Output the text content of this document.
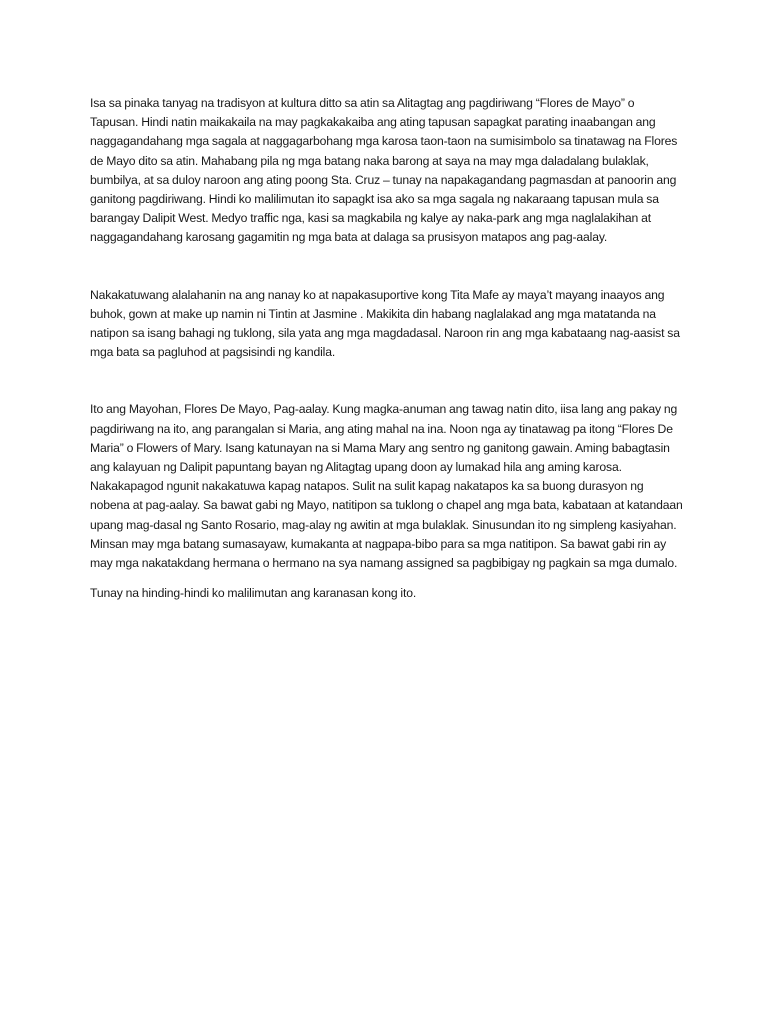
Isa sa pinaka tanyag na tradisyon at kultura ditto sa atin sa Alitagtag ang pagdiriwang “Flores de Mayo” o Tapusan. Hindi natin maikakaila na may pagkakakaiba ang ating tapusan sapagkat parating inaabangan ang naggagandahang mga sagala at naggagarbohang mga karosa taon-taon na sumisimbolo sa tinatawag na Flores de Mayo dito sa atin. Mahabang pila ng mga batang naka barong at saya na may mga daladalang bulaklak, bumbilya, at sa duloy naroon ang ating poong Sta. Cruz – tunay na napakagandang pagmasdan at panoorin ang ganitong pagdiriwang. Hindi ko malilimutan ito sapagkt isa ako sa mga sagala ng nakaraang tapusan mula sa barangay Dalipit West. Medyo traffic nga, kasi sa magkabila ng kalye ay naka-park ang mga naglalakihan at naggagandahang karosang gagamitin ng mga bata at dalaga sa prusisyon matapos ang pag-aalay.

Nakakatuwang alalahanin na ang nanay ko at napakasuportive kong Tita Mafe ay maya’t mayang inaayos ang buhok, gown at make up namin ni Tintin at Jasmine . Makikita din habang naglalakad ang mga matatanda na natipon sa isang bahagi ng tuklong, sila yata ang mga magdadasal. Naroon rin ang mga kabataang nag-aasist sa mga bata sa pagluhod at pagsisindi ng kandila.

Ito ang Mayohan, Flores De Mayo, Pag-aalay. Kung magka-anuman ang tawag natin dito, iisa lang ang pakay ng pagdiriwang na ito, ang parangalan si Maria, ang ating mahal na ina. Noon nga ay tinatawag pa itong “Flores De Maria” o Flowers of Mary. Isang katunayan na si Mama Mary ang sentro ng ganitong gawain. Aming babagtasin ang kalayuan ng Dalipit papuntang bayan ng Alitagtag upang doon ay lumakad hila ang aming karosa. Nakakapagod ngunit nakakatuwa kapag natapos. Sulit na sulit kapag nakatapos ka sa buong durasyon ng nobena at pag-aalay. Sa bawat gabi ng Mayo, natitipon sa tuklong o chapel ang mga bata, kabataan at katandaan upang mag-dasal ng Santo Rosario, mag-alay ng awitin at mga bulaklak. Sinusundan ito ng simpleng kasiyahan. Minsan may mga batang sumasayaw, kumakanta at nagpapa-bibo para sa mga natitipon. Sa bawat gabi rin ay may mga nakatakdang hermana o hermano na sya namang assigned sa pagbibigay ng pagkain sa mga dumalo.

Tunay na hinding-hindi ko malilimutan ang karanasan kong ito.
